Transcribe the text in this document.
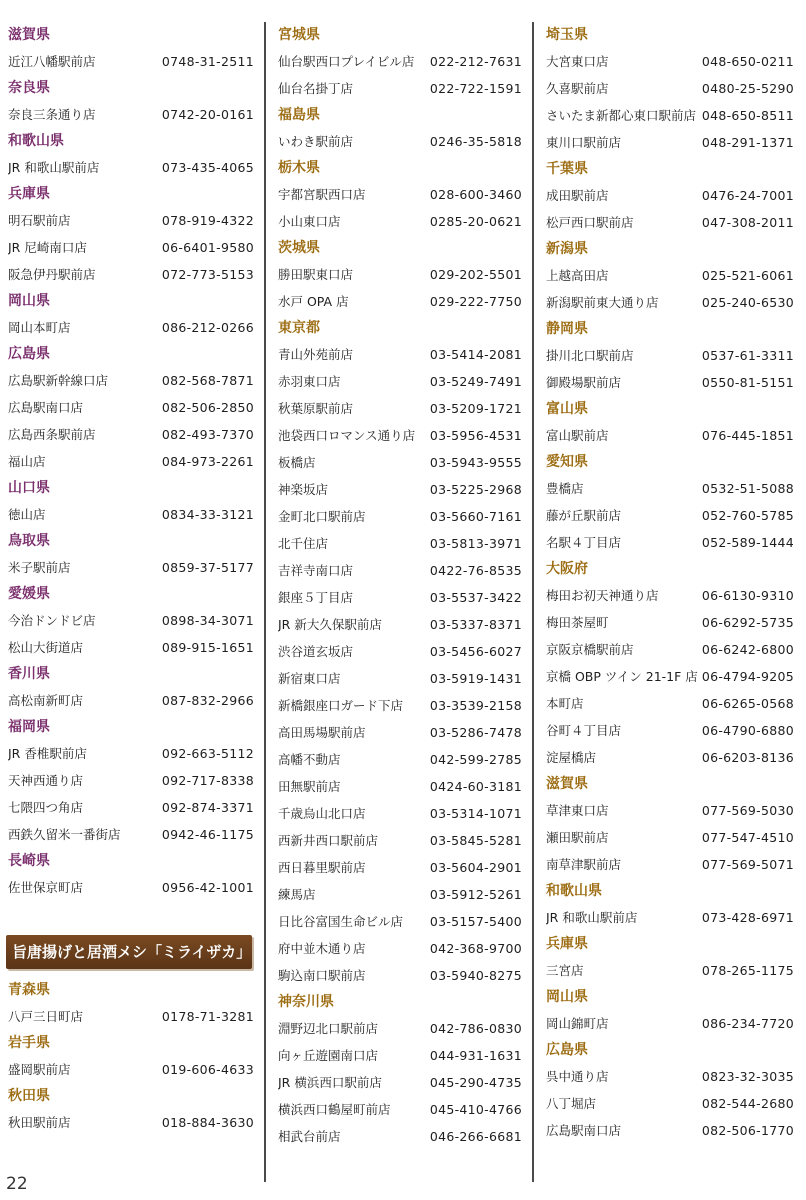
滋賀県
近江八幡駅前店	0748-31-2511
奈良県
奈良三条通り店	0742-20-0161
和歌山県
JR 和歌山駅前店	073-435-4065
兵庫県
明石駅前店	078-919-4322
JR 尼崎南口店	06-6401-9580
阪急伊丹駅前店	072-773-5153
岡山県
岡山本町店	086-212-0266
広島県
広島駅新幹線口店	082-568-7871
広島駅南口店	082-506-2850
広島西条駅前店	082-493-7370
福山店	084-973-2261
山口県
徳山店	0834-33-3121
鳥取県
米子駅前店	0859-37-5177
愛媛県
今治ドンドビ店	0898-34-3071
松山大街道店	089-915-1651
香川県
高松南新町店	087-832-2966
福岡県
JR 香椎駅前店	092-663-5112
天神西通り店	092-717-8338
七隈四つ角店	092-874-3371
西鉄久留米一番街店	0942-46-1175
長崎県
佐世保京町店	0956-42-1001
旨唐揚げと居酒メシ「ミライザカ」
青森県
八戸三日町店	0178-71-3281
岩手県
盛岡駅前店	019-606-4633
秋田県
秋田駅前店	018-884-3630
宮城県
仙台駅西口プレイビル店 022-212-7631
仙台名掛丁店	022-722-1591
福島県
いわき駅前店	0246-35-5818
栃木県
宇都宮駅西口店	028-600-3460
小山東口店	0285-20-0621
茨城県
勝田駅東口店	029-202-5501
水戸 OPA 店	029-222-7750
東京都
青山外苑前店	03-5414-2081
赤羽東口店	03-5249-7491
秋葉原駅前店	03-5209-1721
池袋西口ロマンス通り店 03-5956-4531
板橋店	03-5943-9555
神楽坂店	03-5225-2968
金町北口駅前店	03-5660-7161
北千住店	03-5813-3971
吉祥寺南口店	0422-76-8535
銀座５丁目店	03-5537-3422
JR 新大久保駅前店	03-5337-8371
渋谷道玄坂店	03-5456-6027
新宿東口店	03-5919-1431
新橋銀座口ガード下店 03-3539-2158
高田馬場駅前店	03-5286-7478
高幡不動店	042-599-2785
田無駅前店	0424-60-3181
千歳烏山北口店	03-5314-1071
西新井西口駅前店	03-5845-5281
西日暮里駅前店	03-5604-2901
練馬店	03-5912-5261
日比谷富国生命ビル店 03-5157-5400
府中並木通り店	042-368-9700
駒込南口駅前店	03-5940-8275
神奈川県
淵野辺北口駅前店	042-786-0830
向ヶ丘遊園南口店	044-931-1631
JR 横浜西口駅前店	045-290-4735
横浜西口鶴屋町前店	045-410-4766
相武台前店	046-266-6681
埼玉県
大宮東口店	048-650-0211
久喜駅前店	0480-25-5290
さいたま新都心東口駅前店 048-650-8511
東川口駅前店	048-291-1371
千葉県
成田駅前店	0476-24-7001
松戸西口駅前店	047-308-2011
新潟県
上越高田店	025-521-6061
新潟駅前東大通り店	025-240-6530
静岡県
掛川北口駅前店	0537-61-3311
御殿場駅前店	0550-81-5151
富山県
富山駅前店	076-445-1851
愛知県
豊橋店	0532-51-5088
藤が丘駅前店	052-760-5785
名駅４丁目店	052-589-1444
大阪府
梅田お初天神通り店	06-6130-9310
梅田茶屋町	06-6292-5735
京阪京橋駅前店	06-6242-6800
京橋 OBP ツイン 21-1F 店 06-4794-9205
本町店	06-6265-0568
谷町４丁目店	06-4790-6880
淀屋橋店	06-6203-8136
滋賀県
草津東口店	077-569-5030
瀬田駅前店	077-547-4510
南草津駅前店	077-569-5071
和歌山県
JR 和歌山駅前店	073-428-6971
兵庫県
三宮店	078-265-1175
岡山県
岡山錦町店	086-234-7720
広島県
呉中通り店	0823-32-3035
八丁堀店	082-544-2680
広島駅南口店	082-506-1770
22
